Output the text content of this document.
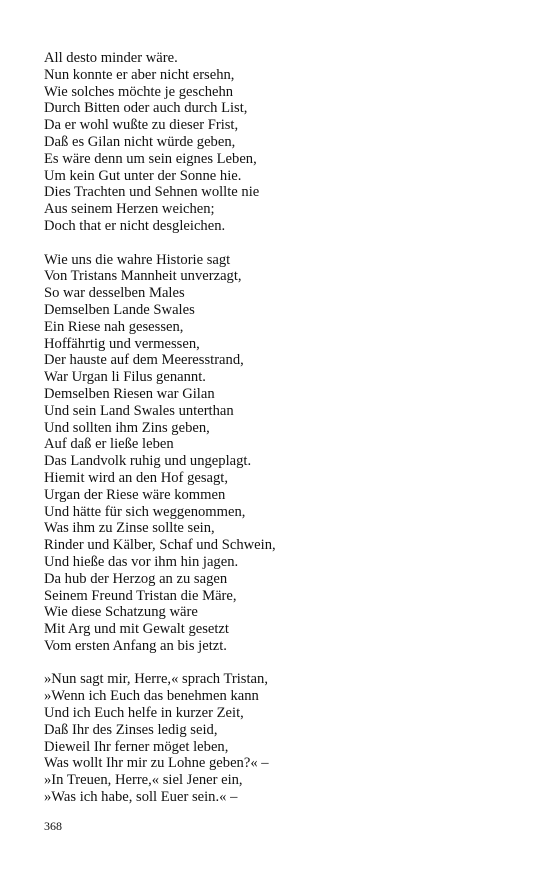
All desto minder wäre.
Nun konnte er aber nicht ersehn,
Wie solches möchte je geschehn
Durch Bitten oder auch durch List,
Da er wohl wußte zu dieser Frist,
Daß es Gilan nicht würde geben,
Es wäre denn um sein eignes Leben,
Um kein Gut unter der Sonne hie.
Dies Trachten und Sehnen wollte nie
Aus seinem Herzen weichen;
Doch that er nicht desgleichen.
Wie uns die wahre Historie sagt
Von Tristans Mannheit unverzagt,
So war desselben Males
Demselben Lande Swales
Ein Riese nah gesessen,
Hoffährtig und vermessen,
Der hauste auf dem Meeresstrand,
War Urgan li Filus genannt.
Demselben Riesen war Gilan
Und sein Land Swales unterthan
Und sollten ihm Zins geben,
Auf daß er ließe leben
Das Landvolk ruhig und ungeplagt.
Hiemit wird an den Hof gesagt,
Urgan der Riese wäre kommen
Und hätte für sich weggenommen,
Was ihm zu Zinse sollte sein,
Rinder und Kälber, Schaf und Schwein,
Und hieße das vor ihm hin jagen.
Da hub der Herzog an zu sagen
Seinem Freund Tristan die Märe,
Wie diese Schatzung wäre
Mit Arg und mit Gewalt gesetzt
Vom ersten Anfang an bis jetzt.
»Nun sagt mir, Herre,« sprach Tristan,
»Wenn ich Euch das benehmen kann
Und ich Euch helfe in kurzer Zeit,
Daß Ihr des Zinses ledig seid,
Dieweil Ihr ferner möget leben,
Was wollt Ihr mir zu Lohne geben?« –
»In Treuen, Herre,« siel Jener ein,
»Was ich habe, soll Euer sein.« –
368
